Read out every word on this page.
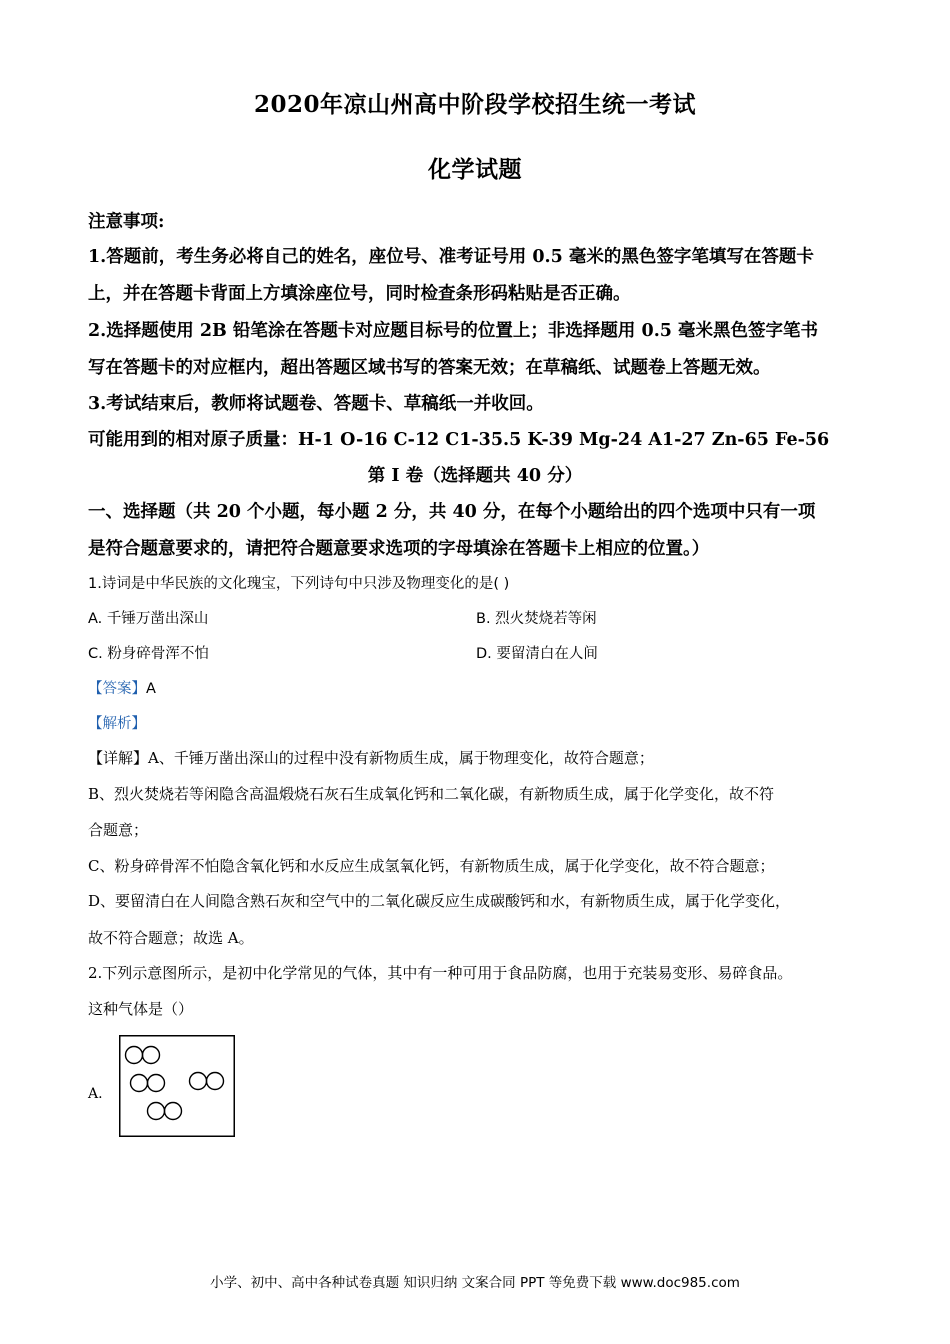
2020年凉山州高中阶段学校招生统一考试
化学试题
注意事项:
1.答题前，考生务必将自己的姓名，座位号、准考证号用 0.5 毫米的黑色签字笔填写在答题卡
上，并在答题卡背面上方填涂座位号，同时检查条形码粘贴是否正确。
2.选择题使用 2B 铅笔涂在答题卡对应题目标号的位置上；非选择题用 0.5 毫米黑色签字笔书
写在答题卡的对应框内，超出答题区域书写的答案无效；在草稿纸、试题卷上答题无效。
3.考试结束后，教师将试题卷、答题卡、草稿纸一并收回。
可能用到的相对原子质量：H-1 O-16 C-12 C1-35.5 K-39 Mg-24 A1-27 Zn-65 Fe-56
第 I 卷（选择题共 40 分）
一、选择题（共 20 个小题，每小题 2 分，共 40 分，在每个小题给出的四个选项中只有一项
是符合题意要求的，请把符合题意要求选项的字母填涂在答题卡上相应的位置。）
1.诗词是中华民族的文化瑰宝，下列诗句中只涉及物理变化的是( )
A. 千锤万凿出深山	B. 烈火焚烧若等闲
C. 粉身碎骨浑不怕	D. 要留清白在人间
【答案】A
【解析】
【详解】A、千锤万凿出深山的过程中没有新物质生成，属于物理变化，故符合题意；
B、烈火焚烧若等闲隐含高温煅烧石灰石生成氧化钙和二氧化碳，有新物质生成，属于化学变化，故不符
合题意；
C、粉身碎骨浑不怕隐含氧化钙和水反应生成氢氧化钙，有新物质生成，属于化学变化，故不符合题意；
D、要留清白在人间隐含熟石灰和空气中的二氧化碳反应生成碳酸钙和水，有新物质生成，属于化学变化，
故不符合题意；故选 A。
2.下列示意图所示，是初中化学常见的气体，其中有一种可用于食品防腐，也用于充装易变形、易碎食品。
这种气体是（）
A.
小学、初中、高中各种试卷真题 知识归纳 文案合同 PPT 等免费下载 www.doc985.com
